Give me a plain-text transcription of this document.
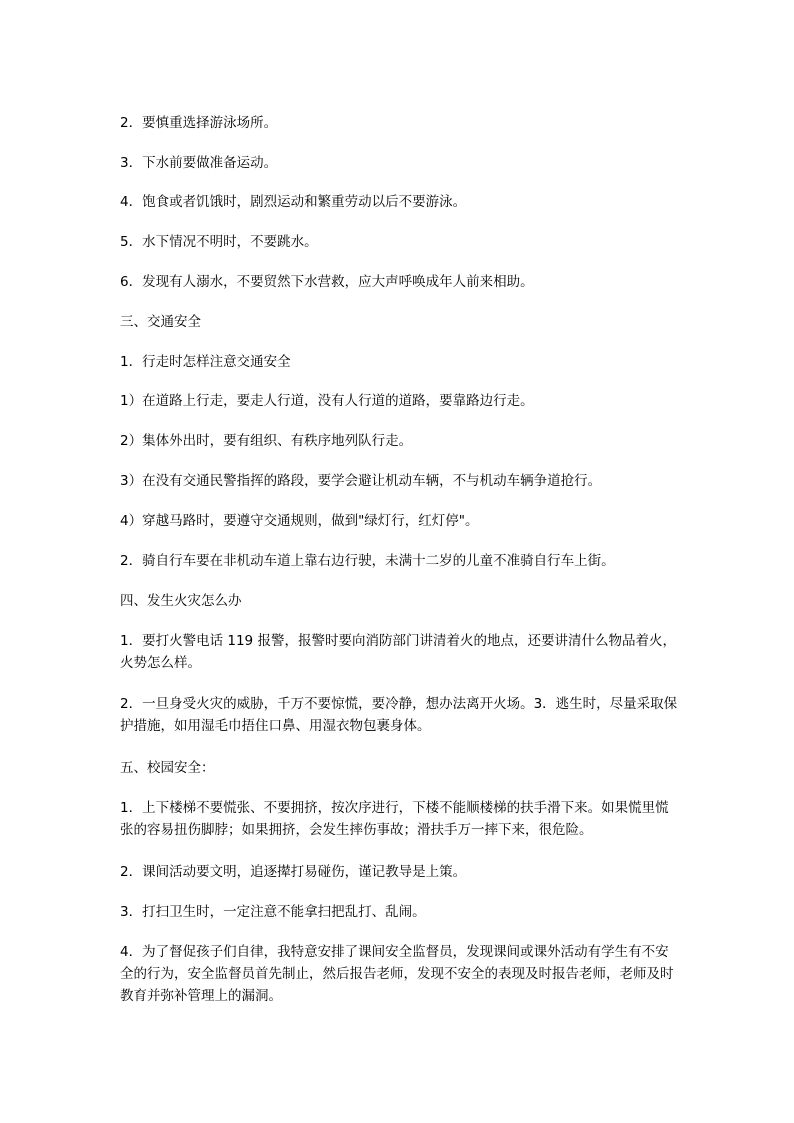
2．要慎重选择游泳场所。

3．下水前要做准备运动。

4．饱食或者饥饿时，剧烈运动和繁重劳动以后不要游泳。

5．水下情况不明时，不要跳水。

6．发现有人溺水，不要贸然下水营救，应大声呼唤成年人前来相助。

三、交通安全

1．行走时怎样注意交通安全

1）在道路上行走，要走人行道，没有人行道的道路，要靠路边行走。

2）集体外出时，要有组织、有秩序地列队行走。

3）在没有交通民警指挥的路段，要学会避让机动车辆，不与机动车辆争道抢行。

4）穿越马路时，要遵守交通规则，做到"绿灯行，红灯停"。

2．骑自行车要在非机动车道上靠右边行驶，未满十二岁的儿童不准骑自行车上街。

四、发生火灾怎么办

1．要打火警电话 119 报警，报警时要向消防部门讲清着火的地点，还要讲清什么物品着火，火势怎么样。

2．一旦身受火灾的威胁，千万不要惊慌，要冷静，想办法离开火场。3．逃生时，尽量采取保护措施，如用湿毛巾捂住口鼻、用湿衣物包裹身体。

五、校园安全：

1．上下楼梯不要慌张、不要拥挤，按次序进行，下楼不能顺楼梯的扶手滑下来。如果慌里慌张的容易扭伤脚脖；如果拥挤，会发生摔伤事故；滑扶手万一摔下来，很危险。

2．课间活动要文明，追逐撵打易碰伤，谨记教导是上策。

3．打扫卫生时，一定注意不能拿扫把乱打、乱闹。

4．为了督促孩子们自律，我特意安排了课间安全监督员，发现课间或课外活动有学生有不安全的行为，安全监督员首先制止，然后报告老师，发现不安全的表现及时报告老师，老师及时教育并弥补管理上的漏洞。
